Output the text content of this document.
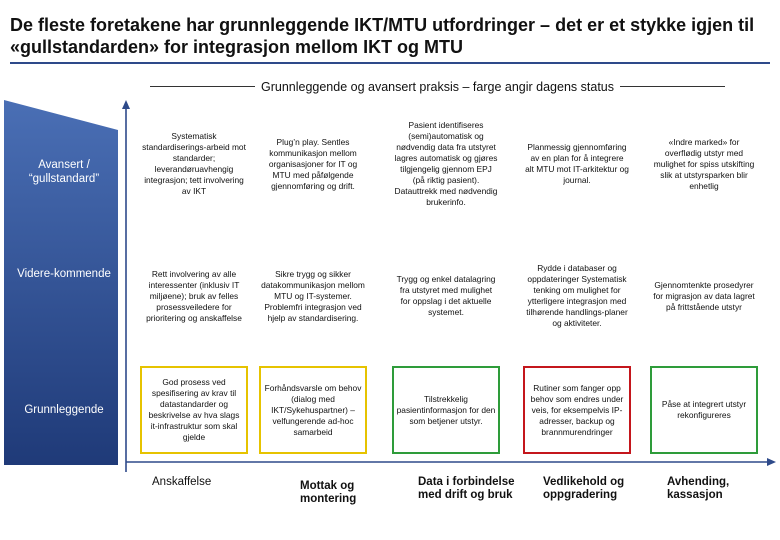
De fleste foretakene har grunnleggende IKT/MTU utfordringer – det er et stykke igjen til «gullstandarden» for integrasjon mellom IKT og MTU
Grunnleggende og avansert praksis – farge angir dagens status
Avansert / “gullstandard”
Videre-kommende
Grunnleggende
Systematisk standardiserings-arbeid mot standarder; leverandøruavhengig integrasjon; tett involvering av IKT
Plug’n play. Sentles kommunikasjon mellom organisasjoner for IT og MTU med påfølgende gjennomføring og drift.
Pasient identifiseres (semi)automatisk og nødvendig data fra utstyret lagres automatisk og gjøres tilgjengelig gjennom EPJ (på riktig pasient). Datauttrekk med nødvendig brukerinfo.
Planmessig gjennomføring av en plan for å integrere alt MTU mot IT-arkitektur og journal.
«Indre marked» for overflødig utstyr med mulighet for spiss utskifting slik at utstyrsparken blir enhetlig
Rett involvering av alle interessenter (inklusiv IT miljøene); bruk av felles prosessveiledere for prioritering og anskaffelse
Sikre trygg og sikker datakommunikasjon mellom MTU og IT-systemer. Problemfri integrasjon ved hjelp av standardisering.
Trygg og enkel datalagring fra utstyret med mulighet for oppslag i det aktuelle systemet.
Rydde i databaser og oppdateringer Systematisk tenking om mulighet for ytterligere integrasjon med tilhørende handlings-planer og aktiviteter.
Gjennomtenkte prosedyrer for migrasjon av data lagret på frittstående utstyr
God prosess ved spesifisering av krav til datastandarder og beskrivelse av hva slags it-infrastruktur som skal gjelde
Forhåndsvarsle om behov (dialog med IKT/Sykehuspartner) – velfungerende ad-hoc samarbeid
Tilstrekkelig pasientinformasjon for den som betjener utstyr.
Rutiner som fanger opp behov som endres under veis, for eksempelvis IP-adresser, backup og brannmurendringer
Påse at integrert utstyr rekonfigureres
Anskaffelse	Mottak og montering
Data i forbindelse med drift og bruk
Vedlikehold og oppgradering
Avhending, kassasjon
